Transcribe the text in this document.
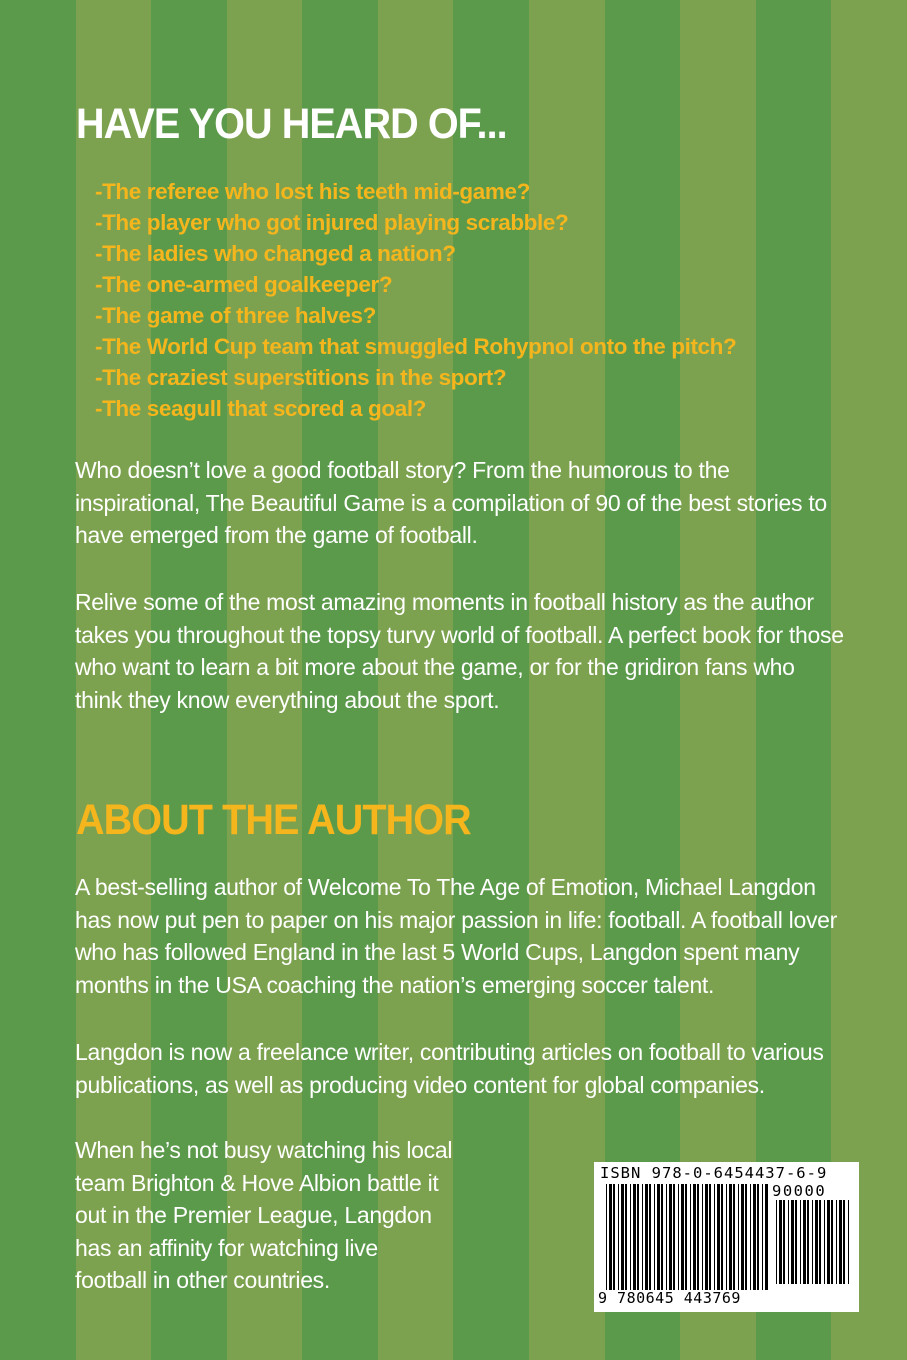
HAVE YOU HEARD OF...
-The referee who lost his teeth mid-game?
-The player who got injured playing scrabble?
-The ladies who changed a nation?
-The one-armed goalkeeper?
-The game of three halves?
-The World Cup team that smuggled Rohypnol onto the pitch?
-The craziest superstitions in the sport?
-The seagull that scored a goal?

Who doesn’t love a good football story? From the humorous to the inspirational, The Beautiful Game is a compilation of 90 of the best stories to have emerged from the game of football.

Relive some of the most amazing moments in football history as the author takes you throughout the topsy turvy world of football. A perfect book for those who want to learn a bit more about the game, or for the gridiron fans who think they know everything about the sport.

ABOUT THE AUTHOR

A best-selling author of Welcome To The Age of Emotion, Michael Langdon has now put pen to paper on his major passion in life: football. A football lover who has followed England in the last 5 World Cups, Langdon spent many months in the USA coaching the nation’s emerging soccer talent.

Langdon is now a freelance writer, contributing articles on football to various publications, as well as producing video content for global companies.

When he’s not busy watching his local team Brighton & Hove Albion battle it out in the Premier League, Langdon has an affinity for watching live football in other countries.

ISBN 978-0-6454437-6-9
90000
9 780645 443769
